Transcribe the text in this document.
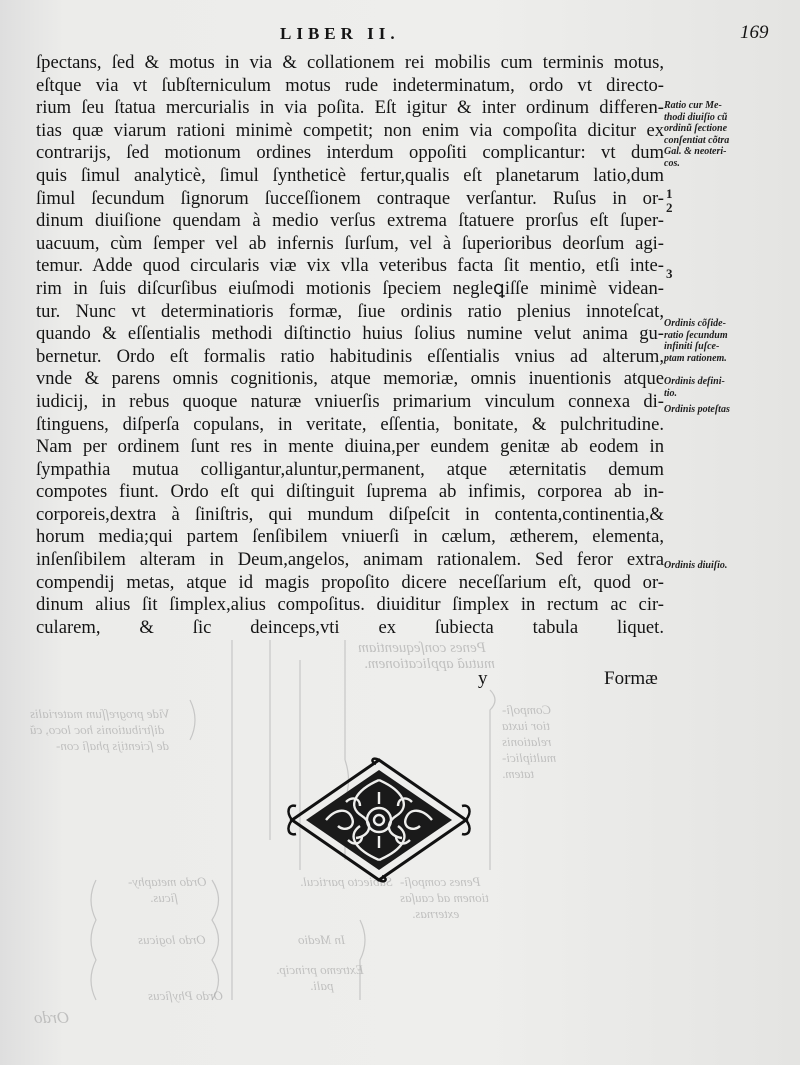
LIBER II.	169
Penes conſequentiam
mutuã applicationem.
Compoſi-
tior iuxta
relationis
multiplici-
tatem.
Vide progreſſum materialis
diſtributionis hoc loco, cũ
de ſcientijs phaſi con-
Subiecto particul.
Ordo metaphy-
ſicus.
Penes compoſi-
tionem ad cauſas
externas.
In Medio
Ordo logicus
Extremo princip.
pali.
Ordo Phyſicus
Ordo
ſpectans, ſed & motus in via & collationem rei mobilis cum terminis motus,
eſtque via vt ſubſterniculum motus rude indeterminatum, ordo vt directo-
rium ſeu ſtatua mercurialis in via poſita. Eſt igitur & inter ordinum differen-
tias quæ viarum rationi minimè competit; non enim via compoſita dicitur ex
contrarijs, ſed motionum ordines interdum oppoſiti complicantur: vt dum
quis ſimul analyticè, ſimul ſyntheticè fertur,qualis eſt planetarum latio,dum
ſimul ſecundum ſignorum ſucceſſionem contraque verſantur. Ruſus in or-
dinum diuiſione quendam à medio verſus extrema ſtatuere prorſus eſt ſuper-
uacuum, cùm ſemper vel ab infernis ſurſum, vel à ſuperioribus deorſum agi-
temur. Adde quod circularis viæ vix vlla veteribus facta ſit mentio, etſi inte-
rim in ſuis diſcurſibus eiuſmodi motionis ſpeciem negleꝗiſſe minimè videan-
tur. Nunc vt determinatioris formæ, ſiue ordinis ratio plenius innoteſcat,
quando & eſſentialis methodi diſtinctio huius ſolius numine velut anima gu-
bernetur. Ordo eſt formalis ratio habitudinis eſſentialis vnius ad alterum,
vnde & parens omnis cognitionis, atque memoriæ, omnis inuentionis atque
iudicij, in rebus quoque naturæ vniuerſis primarium vinculum connexa di-
ſtinguens, diſperſa copulans, in veritate, eſſentia, bonitate, & pulchritudine.
Nam per ordinem ſunt res in mente diuina,per eundem genitæ ab eodem in
ſympathia mutua colligantur,aluntur,permanent, atque æternitatis demum
compotes fiunt. Ordo eſt qui diſtinguit ſuprema ab infimis, corporea ab in-
corporeis,dextra à ſiniſtris, qui mundum diſpeſcit in contenta,continentia,&
horum media;qui partem ſenſibilem vniuerſi in cælum, ætherem, elementa,
inſenſibilem alteram in Deum,angelos, animam rationalem. Sed feror extra
compendij metas, atque id magis propoſito dicere neceſſarium eſt, quod or-
dinum alius ſit ſimplex,alius compoſitus. diuiditur ſimplex in rectum ac cir-
cularem, & ſic deinceps,vti ex ſubiecta tabula liquet.
Ratio cur Me-
thodi diuiſio cũ
ordinũ ſectione
conſentiat cõtra
Gal. & neoteri-
cos.
1
2
3
Ordinis cõſide-
ratio ſecundum
infiniti ſuſce-
ptam rationem.
Ordinis defini-
tio.
Ordinis poteſtas
Ordinis diuiſio.
y	Formæ
